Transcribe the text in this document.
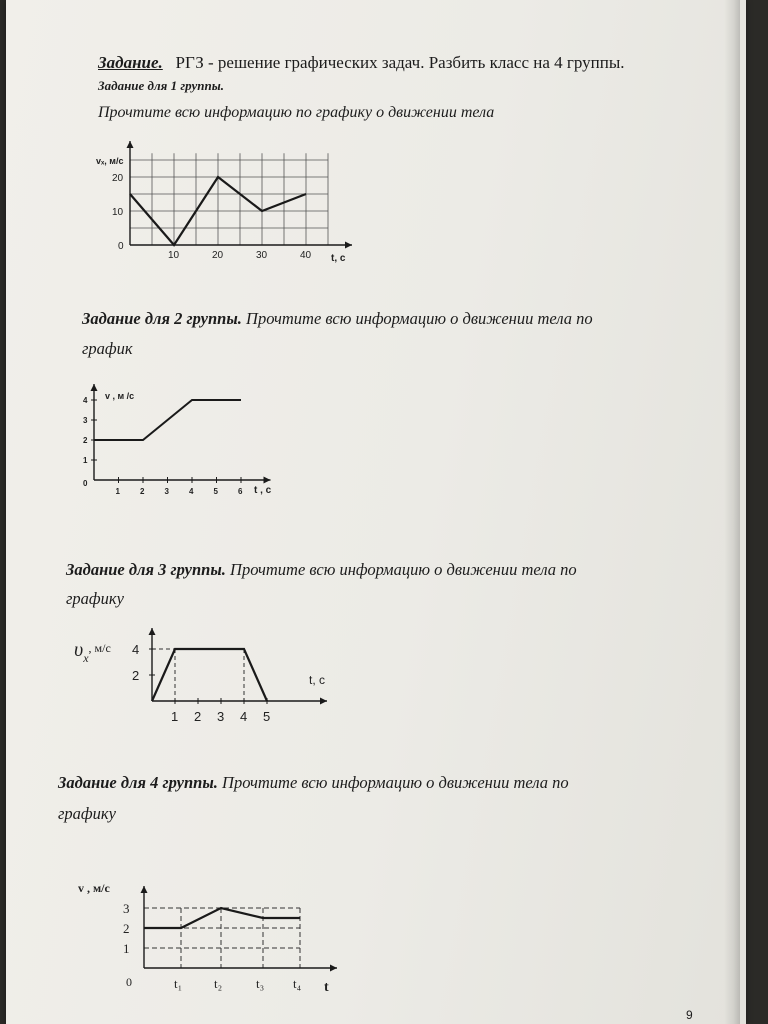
Задание. РГЗ - решение графических задач. Разбить класс на 4 группы.
Задание для 1 группы.
Прочтите всю информацию по графику о движении тела
10	20	30	40
0
10
20
vₓ, м/с
t, c
Задание для 2 группы. Прочтите всю информацию о движении тела по
график
1	2	3	4	5	6
0
1
2
3
4 v , м /с
t , c
Задание для 3 группы. Прочтите всю информацию о движении тела по
графику
1 2 3 4 5
2
4
$\upsilon_x^{, м/с}$
t, c
Задание для 4 группы. Прочтите всю информацию о движении тела по
графику
t₁ t₂	t₃ t₄
1
2
3
v , м/с
t
0
9
